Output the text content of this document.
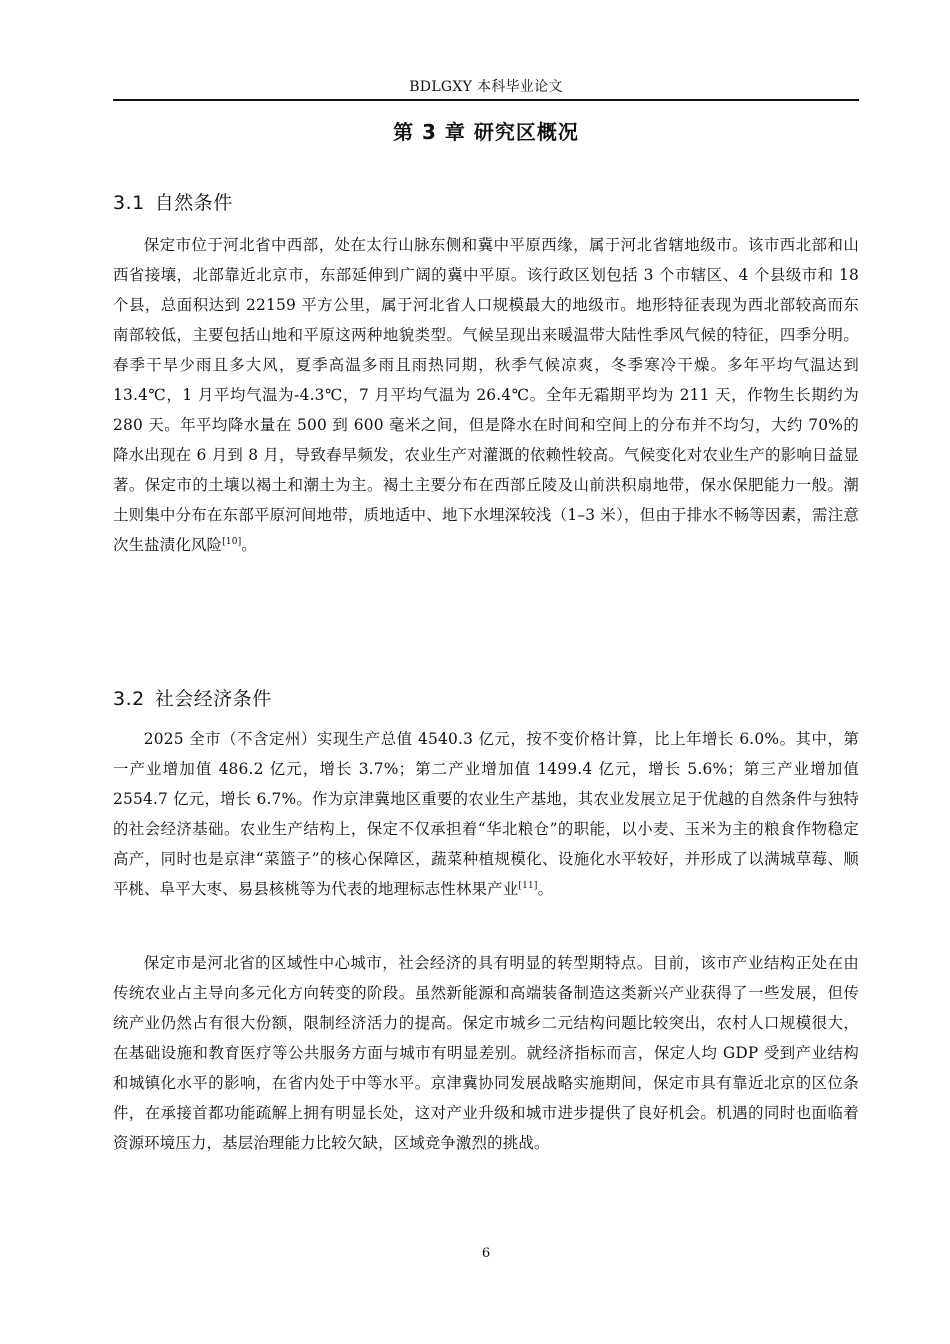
BDLGXY 本科毕业论文
第 3 章 研究区概况
3.1 自然条件

保定市位于河北省中西部，处在太行山脉东侧和冀中平原西缘，属于河北省辖地级市。该市西北部和山西省接壤，北部靠近北京市，东部延伸到广阔的冀中平原。该行政区划包括 3 个市辖区、4 个县级市和 18 个县，总面积达到 22159 平方公里，属于河北省人口规模最大的地级市。地形特征表现为西北部较高而东南部较低，主要包括山地和平原这两种地貌类型。气候呈现出来暖温带大陆性季风气候的特征，四季分明。春季干旱少雨且多大风，夏季高温多雨且雨热同期，秋季气候凉爽，冬季寒冷干燥。多年平均气温达到 13.4℃，1 月平均气温为-4.3℃，7 月平均气温为 26.4℃。全年无霜期平均为 211 天，作物生长期约为 280 天。年平均降水量在 500 到 600 毫米之间，但是降水在时间和空间上的分布并不均匀，大约 70%的降水出现在 6 月到 8 月，导致春旱频发，农业生产对灌溉的依赖性较高。气候变化对农业生产的影响日益显著。保定市的土壤以褐土和潮土为主。褐土主要分布在西部丘陵及山前洪积扇地带，保水保肥能力一般。潮土则集中分布在东部平原河间地带，质地适中、地下水埋深较浅（1–3 米），但由于排水不畅等因素，需注意次生盐渍化风险[10]。

3.2 社会经济条件

2025 全市（不含定州）实现生产总值 4540.3 亿元，按不变价格计算，比上年增长 6.0%。其中，第一产业增加值 486.2 亿元，增长 3.7%；第二产业增加值 1499.4 亿元，增长 5.6%；第三产业增加值 2554.7 亿元，增长 6.7%。作为京津冀地区重要的农业生产基地，其农业发展立足于优越的自然条件与独特的社会经济基础。农业生产结构上，保定不仅承担着“华北粮仓”的职能，以小麦、玉米为主的粮食作物稳定高产，同时也是京津“菜篮子”的核心保障区，蔬菜种植规模化、设施化水平较好，并形成了以满城草莓、顺平桃、阜平大枣、易县核桃等为代表的地理标志性林果产业[11]。

保定市是河北省的区域性中心城市，社会经济的具有明显的转型期特点。目前，该市产业结构正处在由传统农业占主导向多元化方向转变的阶段。虽然新能源和高端装备制造这类新兴产业获得了一些发展，但传统产业仍然占有很大份额，限制经济活力的提高。保定市城乡二元结构问题比较突出，农村人口规模很大，在基础设施和教育医疗等公共服务方面与城市有明显差别。就经济指标而言，保定人均 GDP 受到产业结构和城镇化水平的影响，在省内处于中等水平。京津冀协同发展战略实施期间，保定市具有靠近北京的区位条件，在承接首都功能疏解上拥有明显长处，这对产业升级和城市进步提供了良好机会。机遇的同时也面临着资源环境压力，基层治理能力比较欠缺，区域竞争激烈的挑战。

6
